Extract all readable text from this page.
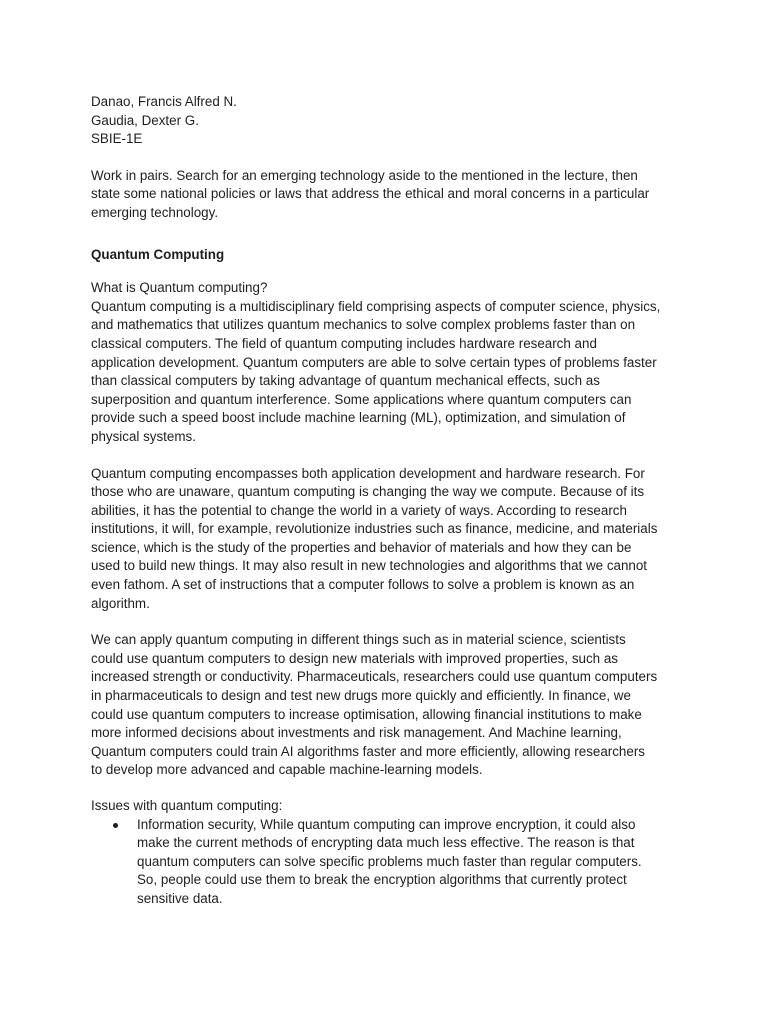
Danao, Francis Alfred N.
Gaudia, Dexter G.
SBIE-1E
Work in pairs. Search for an emerging technology aside to the mentioned in the lecture, then
state some national policies or laws that address the ethical and moral concerns in a particular
emerging technology.
Quantum Computing
What is Quantum computing?
Quantum computing is a multidisciplinary field comprising aspects of computer science, physics,
and mathematics that utilizes quantum mechanics to solve complex problems faster than on
classical computers. The field of quantum computing includes hardware research and
application development. Quantum computers are able to solve certain types of problems faster
than classical computers by taking advantage of quantum mechanical effects, such as
superposition and quantum interference. Some applications where quantum computers can
provide such a speed boost include machine learning (ML), optimization, and simulation of
physical systems.
Quantum computing encompasses both application development and hardware research. For
those who are unaware, quantum computing is changing the way we compute. Because of its
abilities, it has the potential to change the world in a variety of ways. According to research
institutions, it will, for example, revolutionize industries such as finance, medicine, and materials
science, which is the study of the properties and behavior of materials and how they can be
used to build new things. It may also result in new technologies and algorithms that we cannot
even fathom. A set of instructions that a computer follows to solve a problem is known as an
algorithm.
We can apply quantum computing in different things such as in material science, scientists
could use quantum computers to design new materials with improved properties, such as
increased strength or conductivity. Pharmaceuticals, researchers could use quantum computers
in pharmaceuticals to design and test new drugs more quickly and efficiently. In finance, we
could use quantum computers to increase optimisation, allowing financial institutions to make
more informed decisions about investments and risk management. And Machine learning,
Quantum computers could train AI algorithms faster and more efficiently, allowing researchers
to develop more advanced and capable machine-learning models.
Issues with quantum computing:
Information security, While quantum computing can improve encryption, it could also
make the current methods of encrypting data much less effective. The reason is that
quantum computers can solve specific problems much faster than regular computers.
So, people could use them to break the encryption algorithms that currently protect
sensitive data.
